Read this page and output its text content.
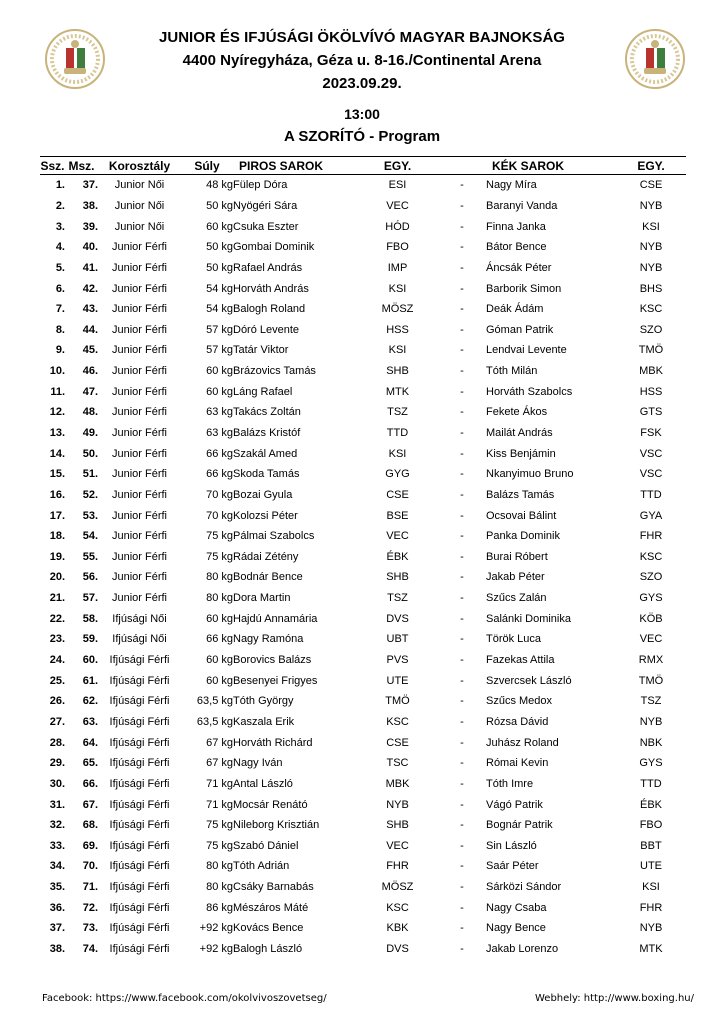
JUNIOR ÉS IFJÚSÁGI ÖKÖLVÍVÓ MAGYAR BAJNOKSÁG
4400 Nyíregyháza, Géza u. 8-16./Continental Arena
2023.09.29.
13:00
A SZORÍTÓ - Program
Ssz.	Msz.	Korosztály	Súly	PIROS SAROK	EGY.		KÉK SAROK	EGY.
1.	37.	Junior Női	48 kg	Fülep Dóra	ESI	-	Nagy Míra	CSE
2.	38.	Junior Női	50 kg	Nyögéri Sára	VEC	-	Baranyi Vanda	NYB
3.	39.	Junior Női	60 kg	Csuka Eszter	HÓD	-	Finna Janka	KSI
4.	40.	Junior Férfi	50 kg	Gombai Dominik	FBO	-	Bátor Bence	NYB
5.	41.	Junior Férfi	50 kg	Rafael András	IMP	-	Áncsák Péter	NYB
6.	42.	Junior Férfi	54 kg	Horváth András	KSI	-	Barborik Simon	BHS
7.	43.	Junior Férfi	54 kg	Balogh Roland	MÖSZ	-	Deák Ádám	KSC
8.	44.	Junior Férfi	57 kg	Dóró Levente	HSS	-	Góman Patrik	SZO
9.	45.	Junior Férfi	57 kg	Tatár Viktor	KSI	-	Lendvai Levente	TMÖ
10.	46.	Junior Férfi	60 kg	Brázovics Tamás	SHB	-	Tóth Milán	MBK
11.	47.	Junior Férfi	60 kg	Láng Rafael	MTK	-	Horváth Szabolcs	HSS
12.	48.	Junior Férfi	63 kg	Takács Zoltán	TSZ	-	Fekete Ákos	GTS
13.	49.	Junior Férfi	63 kg	Balázs Kristóf	TTD	-	Mailát András	FSK
14.	50.	Junior Férfi	66 kg	Szakál Amed	KSI	-	Kiss Benjámin	VSC
15.	51.	Junior Férfi	66 kg	Skoda Tamás	GYG	-	Nkanyimuo Bruno	VSC
16.	52.	Junior Férfi	70 kg	Bozai Gyula	CSE	-	Balázs Tamás	TTD
17.	53.	Junior Férfi	70 kg	Kolozsi Péter	BSE	-	Ocsovai Bálint	GYA
18.	54.	Junior Férfi	75 kg	Pálmai Szabolcs	VEC	-	Panka Dominik	FHR
19.	55.	Junior Férfi	75 kg	Rádai Zétény	ÉBK	-	Burai Róbert	KSC
20.	56.	Junior Férfi	80 kg	Bodnár Bence	SHB	-	Jakab Péter	SZO
21.	57.	Junior Férfi	80 kg	Dora Martin	TSZ	-	Szűcs Zalán	GYS
22.	58.	Ifjúsági Női	60 kg	Hajdú Annamária	DVS	-	Salánki Dominika	KÖB
23.	59.	Ifjúsági Női	66 kg	Nagy Ramóna	UBT	-	Török Luca	VEC
24.	60.	Ifjúsági Férfi	60 kg	Borovics Balázs	PVS	-	Fazekas Attila	RMX
25.	61.	Ifjúsági Férfi	60 kg	Besenyei Frigyes	UTE	-	Szvercsek László	TMÖ
26.	62.	Ifjúsági Férfi	63,5 kg	Tóth György	TMÖ	-	Szűcs Medox	TSZ
27.	63.	Ifjúsági Férfi	63,5 kg	Kaszala Erik	KSC	-	Rózsa Dávid	NYB
28.	64.	Ifjúsági Férfi	67 kg	Horváth Richárd	CSE	-	Juhász Roland	NBK
29.	65.	Ifjúsági Férfi	67 kg	Nagy Iván	TSC	-	Római Kevin	GYS
30.	66.	Ifjúsági Férfi	71 kg	Antal László	MBK	-	Tóth Imre	TTD
31.	67.	Ifjúsági Férfi	71 kg	Mocsár Renátó	NYB	-	Vágó Patrik	ÉBK
32.	68.	Ifjúsági Férfi	75 kg	Nileborg Krisztián	SHB	-	Bognár Patrik	FBO
33.	69.	Ifjúsági Férfi	75 kg	Szabó Dániel	VEC	-	Sin László	BBT
34.	70.	Ifjúsági Férfi	80 kg	Tóth Adrián	FHR	-	Saár Péter	UTE
35.	71.	Ifjúsági Férfi	80 kg	Csáky Barnabás	MÖSZ	-	Sárközi Sándor	KSI
36.	72.	Ifjúsági Férfi	86 kg	Mészáros Máté	KSC	-	Nagy Csaba	FHR
37.	73.	Ifjúsági Férfi	+92 kg	Kovács Bence	KBK	-	Nagy Bence	NYB
38.	74.	Ifjúsági Férfi	+92 kg	Balogh László	DVS	-	Jakab Lorenzo	MTK
Facebook: https://www.facebook.com/okolvivoszovetseg/	Webhely: http://www.boxing.hu/
